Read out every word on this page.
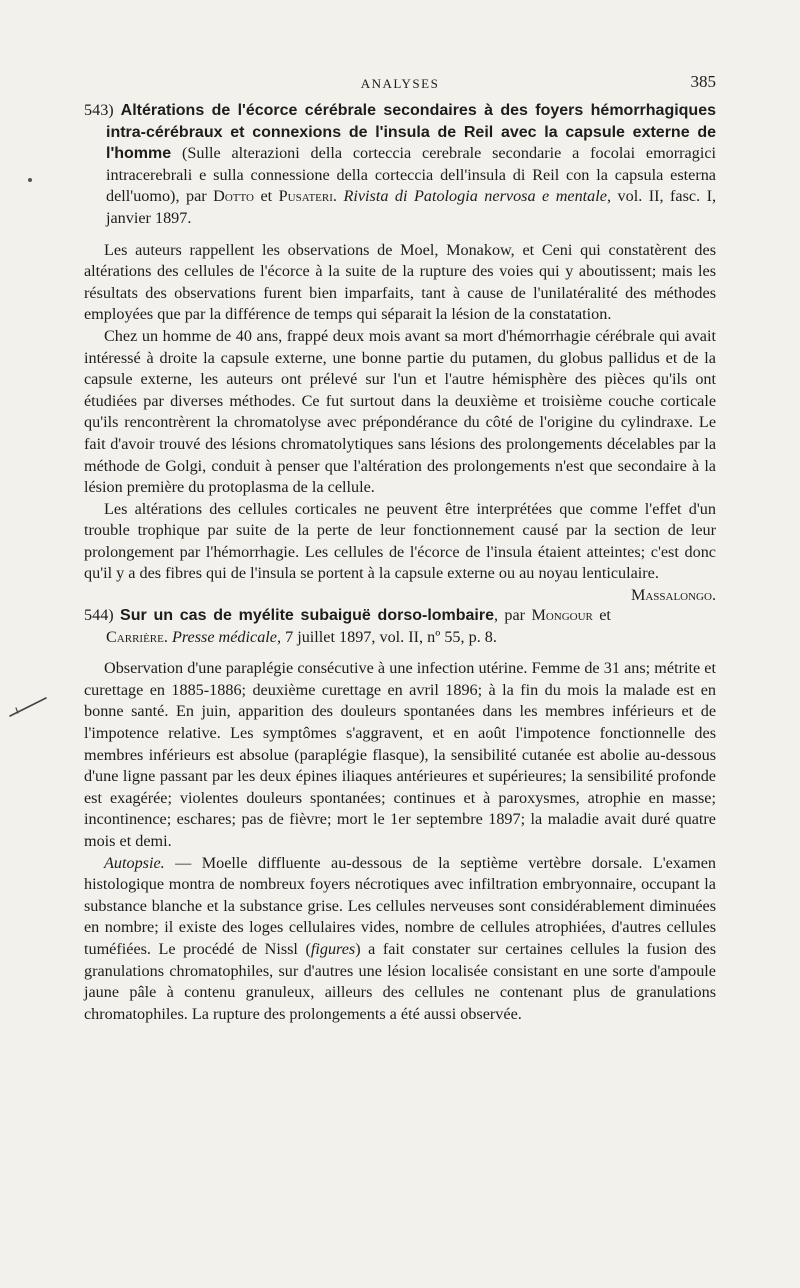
ANALYSES	385

543) Altérations de l'écorce cérébrale secondaires à des foyers hémorrhagiques intra-cérébraux et connexions de l'insula de Reil avec la capsule externe de l'homme (Sulle alterazioni della corteccia cerebrale secondarie a focolai emorragici intracerebrali e sulla connessione della corteccia dell'insula di Reil con la capsula esterna dell'uomo), par Dotto et Pusateri. Rivista di Patologia nervosa e mentale, vol. II, fasc. I, janvier 1897.

Les auteurs rappellent les observations de Moel, Monakow, et Ceni qui constatèrent des altérations des cellules de l'écorce à la suite de la rupture des voies qui y aboutissent; mais les résultats des observations furent bien imparfaits, tant à cause de l'unilatéralité des méthodes employées que par la différence de temps qui séparait la lésion de la constatation.

Chez un homme de 40 ans, frappé deux mois avant sa mort d'hémorrhagie cérébrale qui avait intéressé à droite la capsule externe, une bonne partie du putamen, du globus pallidus et de la capsule externe, les auteurs ont prélevé sur l'un et l'autre hémisphère des pièces qu'ils ont étudiées par diverses méthodes. Ce fut surtout dans la deuxième et troisième couche corticale qu'ils rencontrèrent la chromatolyse avec prépondérance du côté de l'origine du cylindraxe. Le fait d'avoir trouvé des lésions chromatolytiques sans lésions des prolongements décelables par la méthode de Golgi, conduit à penser que l'altération des prolongements n'est que secondaire à la lésion première du protoplasma de la cellule.

Les altérations des cellules corticales ne peuvent être interprétées que comme l'effet d'un trouble trophique par suite de la perte de leur fonctionnement causé par la section de leur prolongement par l'hémorrhagie. Les cellules de l'écorce de l'insula étaient atteintes; c'est donc qu'il y a des fibres qui de l'insula se portent à la capsule externe ou au noyau lenticulaire.
Massalongo.

544) Sur un cas de myélite subaiguë dorso-lombaire, par Mongour et Carrière. Presse médicale, 7 juillet 1897, vol. II, nº 55, p. 8.

Observation d'une paraplégie consécutive à une infection utérine. Femme de 31 ans; métrite et curettage en 1885-1886; deuxième curettage en avril 1896; à la fin du mois la malade est en bonne santé. En juin, apparition des douleurs spontanées dans les membres inférieurs et de l'impotence relative. Les symptômes s'aggravent, et en août l'impotence fonctionnelle des membres inférieurs est absolue (paraplégie flasque), la sensibilité cutanée est abolie au-dessous d'une ligne passant par les deux épines iliaques antérieures et supérieures; la sensibilité profonde est exagérée; violentes douleurs spontanées; continues et à paroxysmes, atrophie en masse; incontinence; eschares; pas de fièvre; mort le 1er septembre 1897; la maladie avait duré quatre mois et demi.

Autopsie. — Moelle diffluente au-dessous de la septième vertèbre dorsale. L'examen histologique montra de nombreux foyers nécrotiques avec infiltration embryonnaire, occupant la substance blanche et la substance grise. Les cellules nerveuses sont considérablement diminuées en nombre; il existe des loges cellulaires vides, nombre de cellules atrophiées, d'autres cellules tuméfiées. Le procédé de Nissl (figures) a fait constater sur certaines cellules la fusion des granulations chromatophiles, sur d'autres une lésion localisée consistant en une sorte d'ampoule jaune pâle à contenu granuleux, ailleurs des cellules ne contenant plus de granulations chromatophiles. La rupture des prolongements a été aussi observée.
